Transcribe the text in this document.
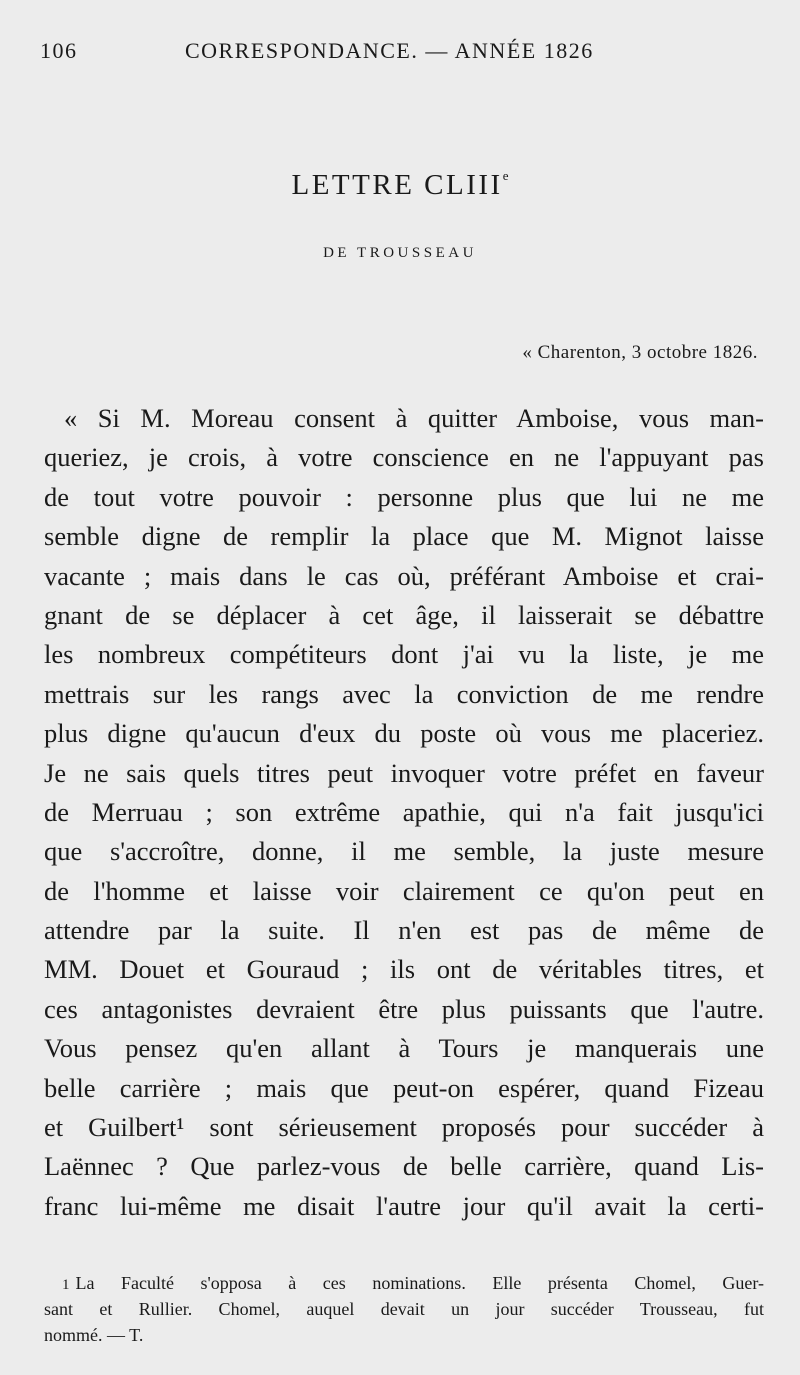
106	CORRESPONDANCE. — ANNÉE 1826
LETTRE CLIIIe
DE TROUSSEAU
« Charenton, 3 octobre 1826.
« Si M. Moreau consent à quitter Amboise, vous man-
queriez, je crois, à votre conscience en ne l'appuyant pas
de tout votre pouvoir : personne plus que lui ne me
semble digne de remplir la place que M. Mignot laisse
vacante ; mais dans le cas où, préférant Amboise et crai-
gnant de se déplacer à cet âge, il laisserait se débattre
les nombreux compétiteurs dont j'ai vu la liste, je me
mettrais sur les rangs avec la conviction de me rendre
plus digne qu'aucun d'eux du poste où vous me placeriez.
Je ne sais quels titres peut invoquer votre préfet en faveur
de Merruau ; son extrême apathie, qui n'a fait jusqu'ici
que s'accroître, donne, il me semble, la juste mesure
de l'homme et laisse voir clairement ce qu'on peut en
attendre par la suite. Il n'en est pas de même de
MM. Douet et Gouraud ; ils ont de véritables titres, et
ces antagonistes devraient être plus puissants que l'autre.
Vous pensez qu'en allant à Tours je manquerais une
belle carrière ; mais que peut-on espérer, quand Fizeau
et Guilbert¹ sont sérieusement proposés pour succéder à
Laënnec ? Que parlez-vous de belle carrière, quand Lis-
franc lui-même me disait l'autre jour qu'il avait la certi-
1 La Faculté s'opposa à ces nominations. Elle présenta Chomel, Guer-
sant et Rullier. Chomel, auquel devait un jour succéder Trousseau, fut
nommé. — T.
